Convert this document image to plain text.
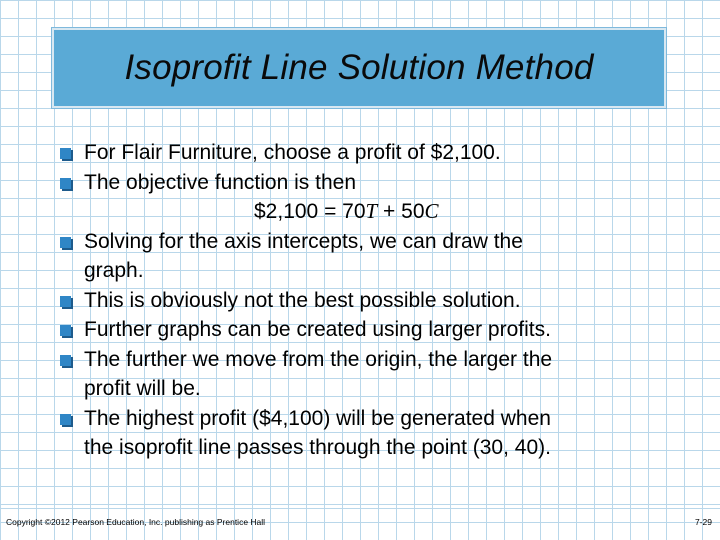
Isoprofit Line Solution Method
For Flair Furniture, choose a profit of $2,100.
The objective function is then
$2,100 = 70T + 50C
Solving for the axis intercepts, we can draw the
graph.
This is obviously not the best possible solution.
Further graphs can be created using larger profits.
The further we move from the origin, the larger the
profit will be.
The highest profit ($4,100) will be generated when
the isoprofit line passes through the point (30, 40).
Copyright ©2012 Pearson Education, Inc. publishing as Prentice Hall	7-29
